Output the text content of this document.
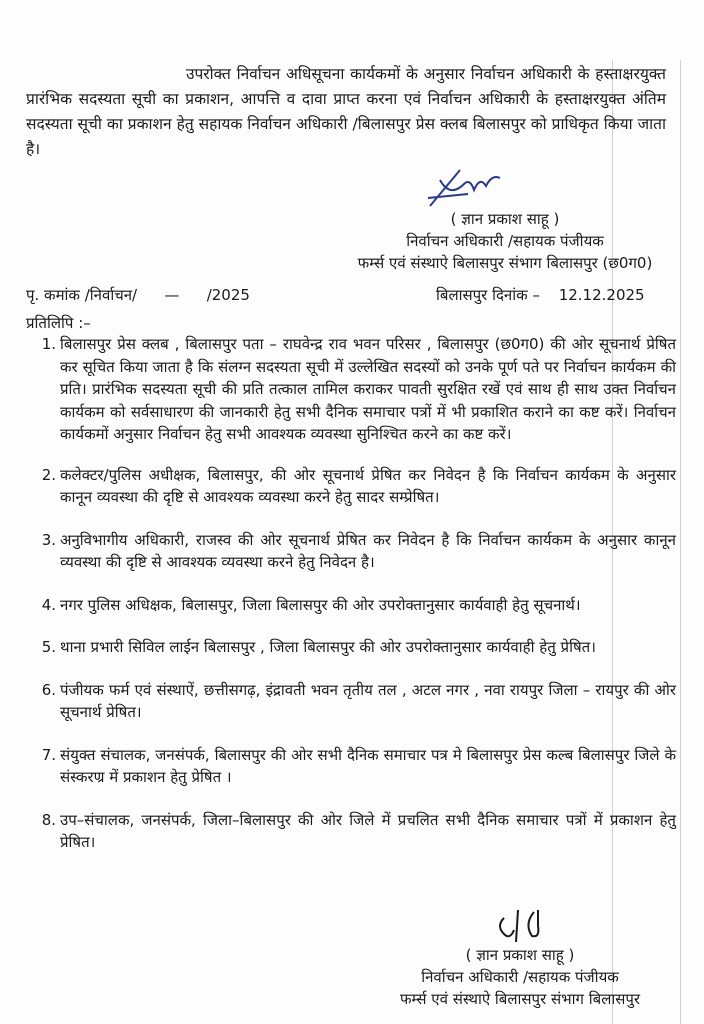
उपरोक्त निर्वाचन अधिसूचना कार्यकमों के अनुसार निर्वाचन अधिकारी के हस्ताक्षरयुक्त प्रारंभिक सदस्यता सूची का प्रकाशन, आपत्ति व दावा प्राप्त करना एवं निर्वाचन अधिकारी के हस्ताक्षरयुक्त अंतिम सदस्यता सूची का प्रकाशन हेतु सहायक निर्वाचन अधिकारी /बिलासपुर प्रेस क्लब बिलासपुर को प्राधिकृत किया जाता है।
( ज्ञान प्रकाश साहू )
निर्वाचन अधिकारी /सहायक पंजीयक
फर्म्स एवं संस्थाऐ बिलासपुर संभाग बिलासपुर (छ0ग0)
पृ. कमांक /निर्वाचन/ — /2025	बिलासपुर दिनांक – 12.12.2025
प्रतिलिपि :–
1. बिलासपुर प्रेस क्लब , बिलासपुर पता – राघवेन्द्र राव भवन परिसर , बिलासपुर (छ0ग0) की ओर सूचनार्थ प्रेषित कर सूचित किया जाता है कि संलग्न सदस्यता सूची में उल्लेखित सदस्यों को उनके पूर्ण पते पर निर्वाचन कार्यकम की प्रति। प्रारंभिक सदस्यता सूची की प्रति तत्काल तामिल कराकर पावती सुरक्षित रखें एवं साथ ही साथ उक्त निर्वाचन कार्यकम को सर्वसाधारण की जानकारी हेतु सभी दैनिक समाचार पत्रों में भी प्रकाशित कराने का कष्ट करें। निर्वाचन कार्यकमों अनुसार निर्वाचन हेतु सभी आवश्यक व्यवस्था सुनिश्चित करने का कष्ट करें।
2. कलेक्टर/पुलिस अधीक्षक, बिलासपुर, की ओर सूचनार्थ प्रेषित कर निवेदन है कि निर्वाचन कार्यकम के अनुसार कानून व्यवस्था की दृष्टि से आवश्यक व्यवस्था करने हेतु सादर सम्प्रेषित।
3. अनुविभागीय अधिकारी, राजस्व की ओर सूचनार्थ प्रेषित कर निवेदन है कि निर्वाचन कार्यकम के अनुसार कानून व्यवस्था की दृष्टि से आवश्यक व्यवस्था करने हेतु निवेदन है।
4. नगर पुलिस अधिक्षक, बिलासपुर, जिला बिलासपुर की ओर उपरोक्तानुसार कार्यवाही हेतु सूचनार्थ।
5. थाना प्रभारी सिविल लाईन बिलासपुर , जिला बिलासपुर की ओर उपरोक्तानुसार कार्यवाही हेतु प्रेषित।
6. पंजीयक फर्म एवं संस्थाऐं, छत्तीसगढ़, इंद्रावती भवन तृतीय तल , अटल नगर , नवा रायपुर जिला – रायपुर की ओर सूचनार्थ प्रेषित।
7. संयुक्त संचालक, जनसंपर्क, बिलासपुर की ओर सभी दैनिक समाचार पत्र मे बिलासपुर प्रेस कल्ब बिलासपुर जिले के संस्करण्र में प्रकाशन हेतु प्रेषित ।
8. उप–संचालक, जनसंपर्क, जिला–बिलासपुर की ओर जिले में प्रचलित सभी दैनिक समाचार पत्रों में प्रकाशन हेतु प्रेषित।
( ज्ञान प्रकाश साहू )
निर्वाचन अधिकारी /सहायक पंजीयक
फर्म्स एवं संस्थाऐ बिलासपुर संभाग बिलासपुर
